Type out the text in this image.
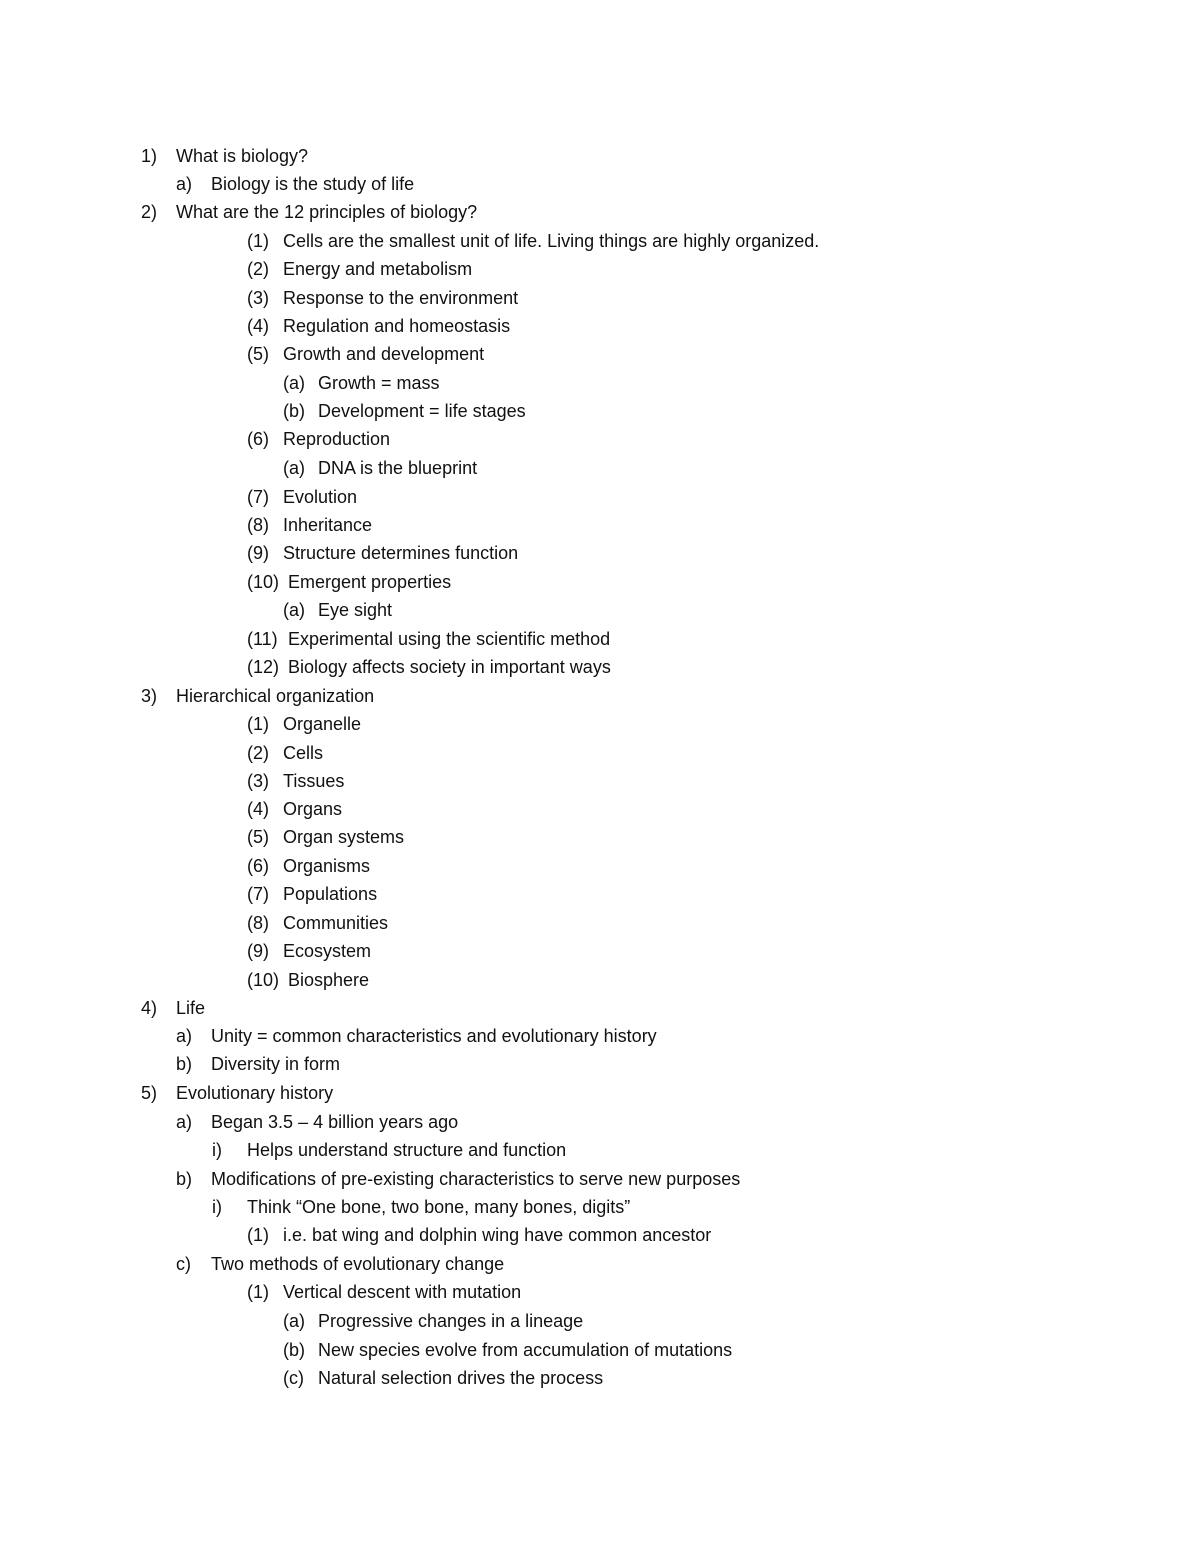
1) What is biology?
a) Biology is the study of life
2) What are the 12 principles of biology?
(1) Cells are the smallest unit of life. Living things are highly organized.
(2) Energy and metabolism
(3) Response to the environment
(4) Regulation and homeostasis
(5) Growth and development
(a) Growth = mass
(b) Development = life stages
(6) Reproduction
(a) DNA is the blueprint
(7) Evolution
(8) Inheritance
(9) Structure determines function
(10) Emergent properties
(a) Eye sight
(11) Experimental using the scientific method
(12) Biology affects society in important ways
3) Hierarchical organization
(1) Organelle
(2) Cells
(3) Tissues
(4) Organs
(5) Organ systems
(6) Organisms
(7) Populations
(8) Communities
(9) Ecosystem
(10) Biosphere
4) Life
a) Unity = common characteristics and evolutionary history
b) Diversity in form
5) Evolutionary history
a) Began 3.5 – 4 billion years ago
i) Helps understand structure and function
b) Modifications of pre-existing characteristics to serve new purposes
i) Think “One bone, two bone, many bones, digits”
(1) i.e. bat wing and dolphin wing have common ancestor
c) Two methods of evolutionary change
(1) Vertical descent with mutation
(a) Progressive changes in a lineage
(b) New species evolve from accumulation of mutations
(c) Natural selection drives the process
